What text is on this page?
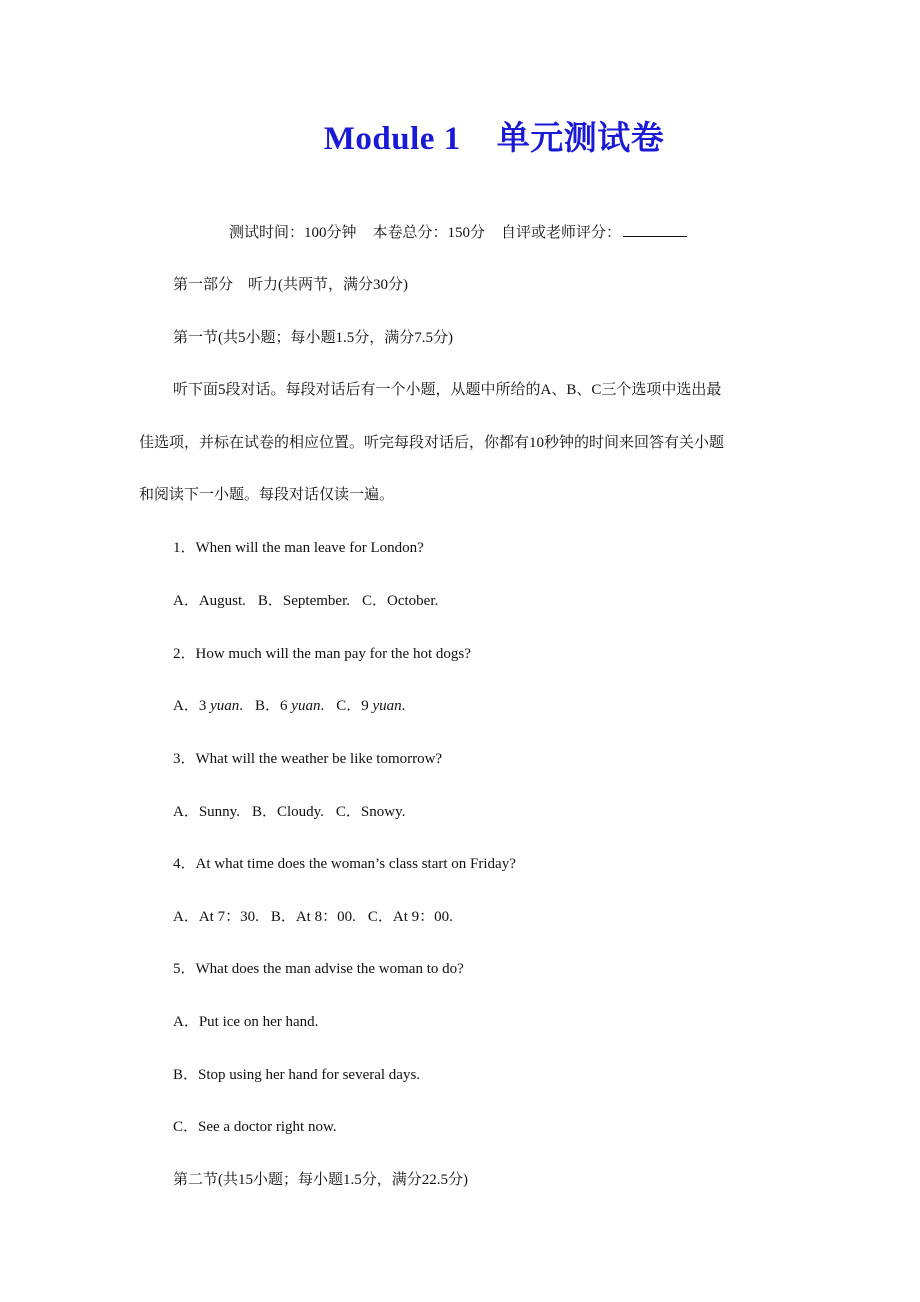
Module 1 单元测试卷
测试时间：100分钟 本卷总分：150分 自评或老师评分：
第一部分　听力(共两节，满分30分)
第一节(共5小题；每小题1.5分，满分7.5分)
听下面5段对话。每段对话后有一个小题，从题中所给的A、B、C三个选项中选出最
佳选项，并标在试卷的相应位置。听完每段对话后，你都有10秒钟的时间来回答有关小题
和阅读下一小题。每段对话仅读一遍。
1．When will the man leave for London?
A．August. B．September. C．October.
2．How much will the man pay for the hot dogs?
A．3 yuan. B．6 yuan. C．9 yuan.
3．What will the weather be like tomorrow?
A．Sunny. B．Cloudy. C．Snowy.
4．At what time does the woman’s class start on Friday?
A．At 7：30. B．At 8：00. C．At 9：00.
5．What does the man advise the woman to do?
A．Put ice on her hand.
B．Stop using her hand for several days.
C．See a doctor right now.
第二节(共15小题；每小题1.5分，满分22.5分)
